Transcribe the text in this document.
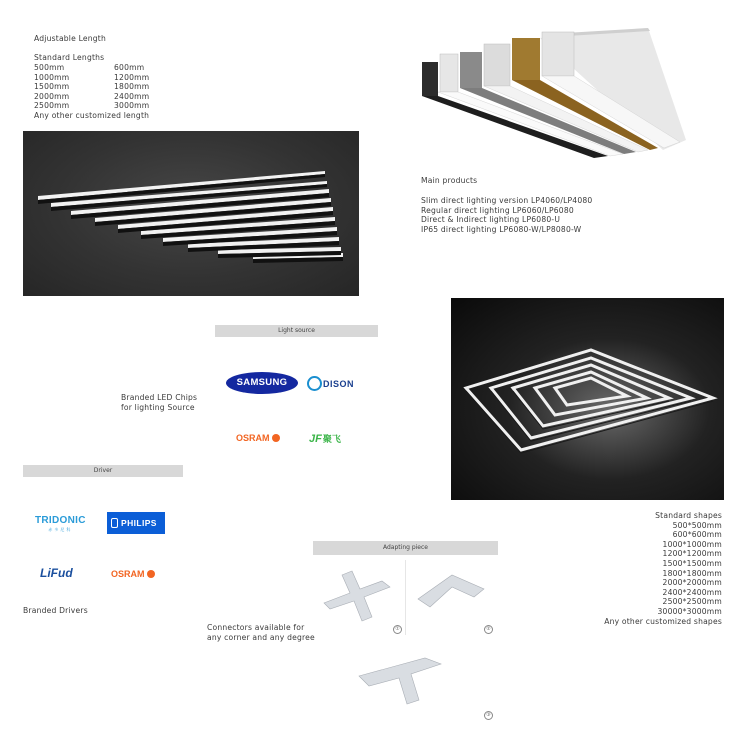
Adjustable Length
Standard Lengths
500mm	600mm
1000mm	1200mm
1500mm	1800mm
2000mm	2400mm
2500mm	3000mm
Any other customized length
Main products
Slim direct lighting version LP4060/LP4080
Regular direct lighting LP6060/LP6080
Direct & Indirect lighting LP6080-U
IP65 direct lighting LP6080-W/LP8080-W
Light source
Branded LED Chips
for lighting Source
SAMSUNG	DISON
OSRAM	JF 聚飞
Driver
TRIDONIC
赤多尼科
PHILIPS
LiFud	OSRAM
Branded Drivers
Standard shapes
500*500mm
600*600mm
1000*1000mm
1200*1200mm
1500*1500mm
1800*1800mm
2000*2000mm
2400*2400mm
2500*2500mm
30000*3000mm
Any other customized shapes
Adapting piece
Connectors available for
any corner and any degree
①	②
③
